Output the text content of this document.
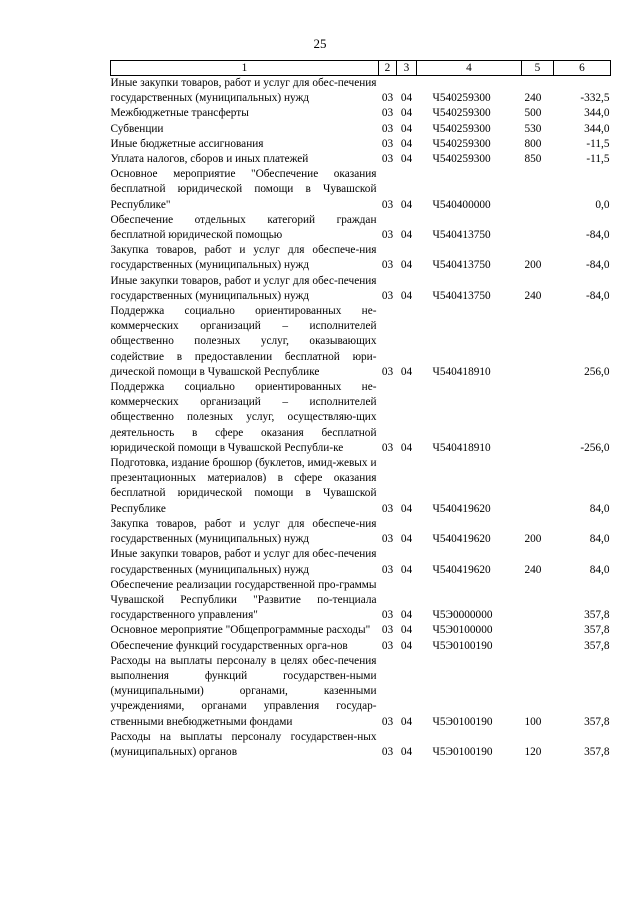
25
1	2	3	4	5	6
Иные закупки товаров, работ и услуг для обес-печения государственных (муниципальных) нужд	03	04	Ч540259300	240	-332,5
Межбюджетные трансферты	03	04	Ч540259300	500	344,0
Субвенции	03	04	Ч540259300	530	344,0
Иные бюджетные ассигнования	03	04	Ч540259300	800	-11,5
Уплата налогов, сборов и иных платежей	03	04	Ч540259300	850	-11,5
Основное мероприятие "Обеспечение оказания бесплатной юридической помощи в Чувашской Республике"	03	04	Ч540400000		0,0
Обеспечение отдельных категорий граждан бесплатной юридической помощью	03	04	Ч540413750		-84,0
Закупка товаров, работ и услуг для обеспече-ния государственных (муниципальных) нужд	03	04	Ч540413750	200	-84,0
Иные закупки товаров, работ и услуг для обес-печения государственных (муниципальных) нужд	03	04	Ч540413750	240	-84,0
Поддержка социально ориентированных не-коммерческих организаций – исполнителей общественно полезных услуг, оказывающих содействие в предоставлении бесплатной юри-дической помощи в Чувашской Республике	03	04	Ч540418910		256,0
Поддержка социально ориентированных не-коммерческих организаций – исполнителей общественно полезных услуг, осуществляю-щих деятельность в сфере оказания бесплатной юридической помощи в Чувашской Республи-ке	03	04	Ч540418910		-256,0
Подготовка, издание брошюр (буклетов, имид-жевых и презентационных материалов) в сфере оказания бесплатной юридической помощи в Чувашской Республике	03	04	Ч540419620		84,0
Закупка товаров, работ и услуг для обеспече-ния государственных (муниципальных) нужд	03	04	Ч540419620	200	84,0
Иные закупки товаров, работ и услуг для обес-печения государственных (муниципальных) нужд	03	04	Ч540419620	240	84,0
Обеспечение реализации государственной про-граммы Чувашской Республики "Развитие по-тенциала государственного управления"	03	04	Ч5Э0000000		357,8
Основное мероприятие "Общепрограммные расходы"	03	04	Ч5Э0100000		357,8
Обеспечение функций государственных орга-нов	03	04	Ч5Э0100190		357,8
Расходы на выплаты персоналу в целях обес-печения выполнения функций государствен-ными (муниципальными) органами, казенными учреждениями, органами управления государ-ственными внебюджетными фондами	03	04	Ч5Э0100190	100	357,8
Расходы на выплаты персоналу государствен-ных (муниципальных) органов	03	04	Ч5Э0100190	120	357,8
